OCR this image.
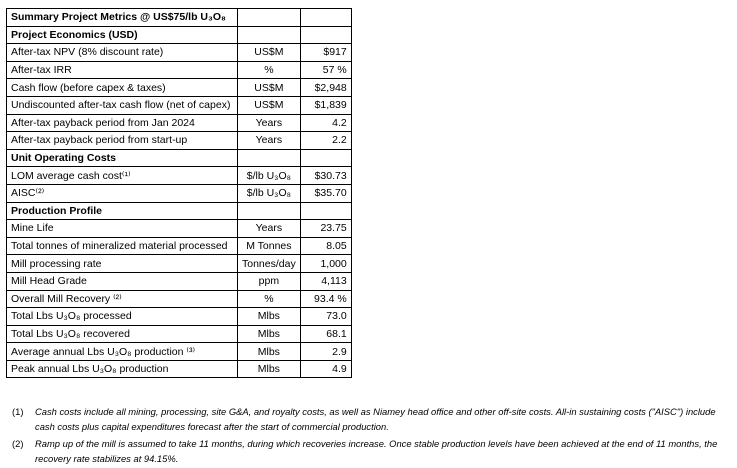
Summary Project Metrics @ US$75/lb U₃O₈		
Project Economics (USD)		
After-tax NPV (8% discount rate)	US$M	$917
After-tax IRR	%	57 %
Cash flow (before capex & taxes)	US$M	$2,948
Undiscounted after-tax cash flow (net of capex)	US$M	$1,839
After-tax payback period from Jan 2024	Years	4.2
After-tax payback period from start-up	Years	2.2
Unit Operating Costs		
LOM average cash cost⁽¹⁾	$/lb U₃O₈	$30.73
AISC⁽²⁾	$/lb U₃O₈	$35.70
Production Profile		
Mine Life	Years	23.75
Total tonnes of mineralized material processed	M Tonnes	8.05
Mill processing rate	Tonnes/day	1,000
Mill Head Grade	ppm	4,113
Overall Mill Recovery ⁽²⁾	%	93.4 %
Total Lbs U₃O₈ processed	Mlbs	73.0
Total Lbs U₃O₈ recovered	Mlbs	68.1
Average annual Lbs U₃O₈ production ⁽³⁾	Mlbs	2.9
Peak annual Lbs U₃O₈ production	Mlbs	4.9
(1) Cash costs include all mining, processing, site G&A, and royalty costs, as well as Niamey head office and other off-site costs. All-in sustaining costs ("AISC") include cash costs plus capital expenditures forecast after the start of commercial production.
(2) Ramp up of the mill is assumed to take 11 months, during which recoveries increase. Once stable production levels have been achieved at the end of 11 months, the recovery rate stabilizes at 94.15%.
